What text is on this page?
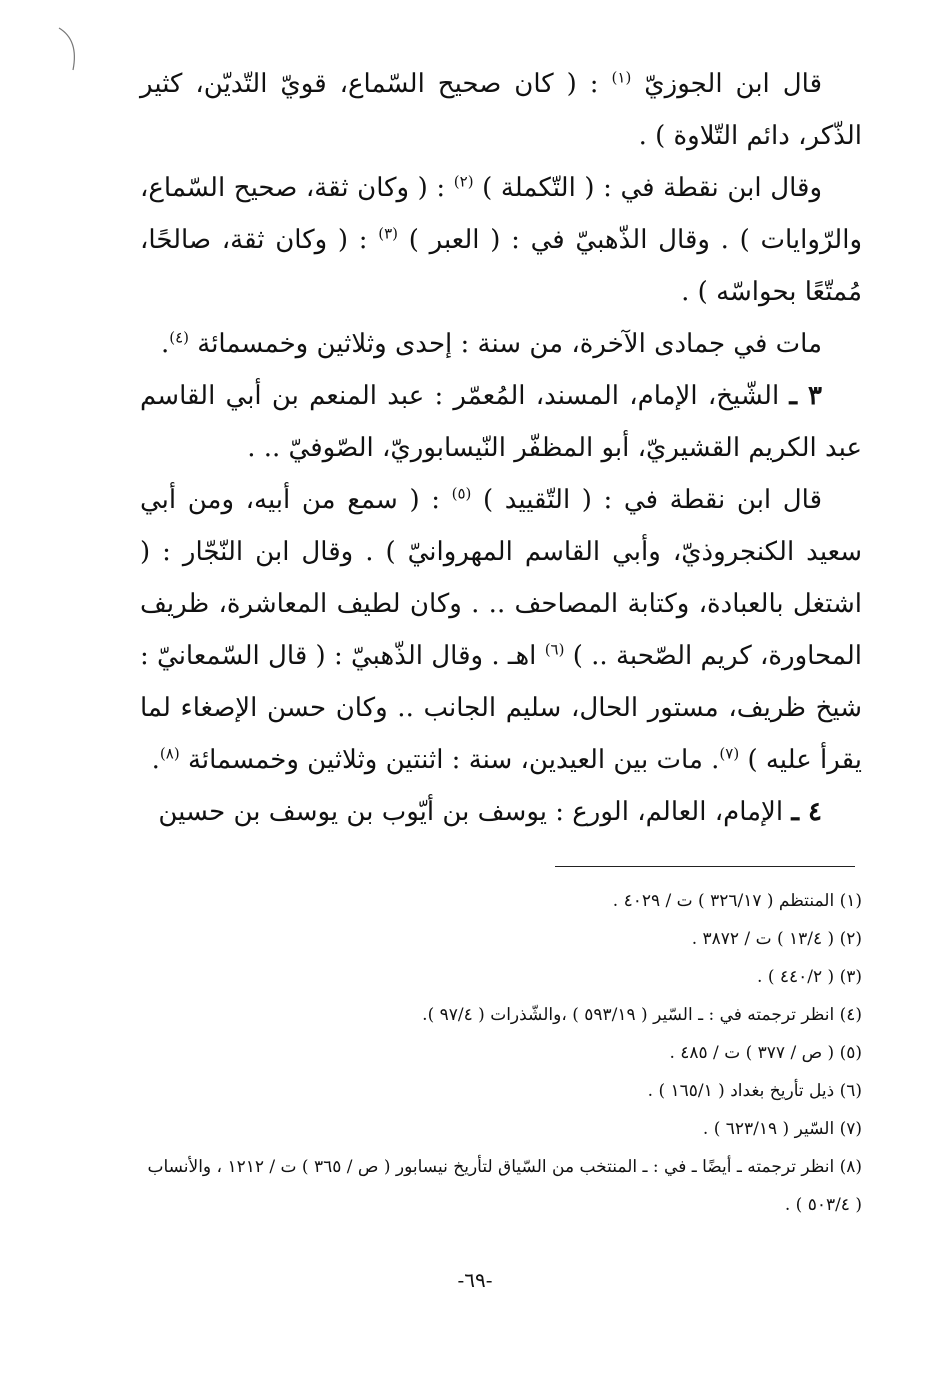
قال ابن الجوزيّ $^{(١)}$ : ( كان صحيح السّماع، قويّ التّديّن، كثير الذّكر، دائم التّلاوة ) .

وقال ابن نقطة في : ( التّكملة ) $^{(٢)}$ : ( وكان ثقة، صحيح السّماع، والرّوايات ) . وقال الذّهبيّ في : ( العبر ) $^{(٣)}$ : ( وكان ثقة، صالحًا، مُمتّعًا بحواسّه ) .

مات في جمادى الآخرة، من سنة : إحدى وثلاثين وخمسمائة $^{(٤)}$.

٣ ـ الشّيخ، الإمام، المسند، المُعمّر : عبد المنعم بن أبي القاسم عبد الكريم القشيريّ، أبو المظفّر النّيسابوريّ، الصّوفيّ .. .

قال ابن نقطة في : ( التّقييد ) $^{(٥)}$ : ( سمع من أبيه، ومن أبي سعيد الكنجروذيّ، وأبي القاسم المهروانيّ ) . وقال ابن النّجّار : ( اشتغل بالعبادة، وكتابة المصاحف .. . وكان لطيف المعاشرة، ظريف المحاورة، كريم الصّحبة .. ) $^{(٦)}$ اهـ . وقال الذّهبيّ : ( قال السّمعانيّ : شيخ ظريف، مستور الحال، سليم الجانب .. وكان حسن الإصغاء لما يقرأ عليه ) $^{(٧)}$. مات بين العيدين، سنة : اثنتين وثلاثين وخمسمائة $^{(٨)}$.

٤ ـ الإمام، العالم، الورع : يوسف بن أيّوب بن يوسف بن حسين

(١) المنتظم ( ٣٢٦/١٧ ) ت / ٤٠٢٩ .

(٢) ( ١٣/٤ ) ت / ٣٨٧٢ .

(٣) ( ٤٤٠/٢ ) .

(٤) انظر ترجمته في : ـ السّير ( ٥٩٣/١٩ ) ،والشّذرات ( ٩٧/٤ ).

(٥) ( ص / ٣٧٧ ) ت / ٤٨٥ .

(٦) ذيل تأريخ بغداد ( ١٦٥/١ ) .

(٧) السّير ( ٦٢٣/١٩ ) .

(٨) انظر ترجمته ـ أيضًا ـ في : ـ المنتخب من السّياق لتأريخ نيسابور ( ص / ٣٦٥ ) ت / ١٢١٢ ، والأنساب ( ٥٠٣/٤ ) .

-٦٩-
